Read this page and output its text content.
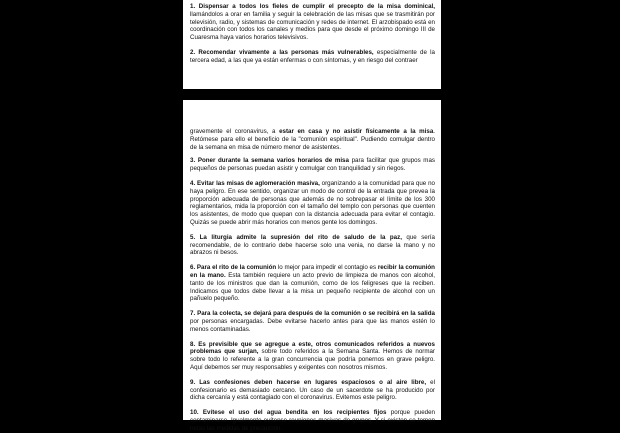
1. Dispensar a todos los fieles de cumplir el precepto de la misa dominical, llamándolos a orar en familia y seguir la celebración de las misas que se trasmitirán por televisión, radio, y sistemas de comunicación y redes de internet. El arzobispado está en coordinación con todos los canales y medios para que desde el próximo domingo III de Cuaresma haya varios horarios televisivos.

2. Recomendar vivamente a las personas más vulnerables, especialmente de la tercera edad, a las que ya están enfermas o con síntomas, y en riesgo del contraer

gravemente el coronavirus, a estar en casa y no asistir físicamente a la misa. Retómese para ello el beneficio de la "comunión espiritual". Pudiendo comulgar dentro de la semana en misa de número menor de asistentes.

3. Poner durante la semana varios horarios de misa para facilitar que grupos mas pequeños de personas puedan asistir y comulgar con tranquilidad y sin riegos.

4. Evitar las misas de aglomeración masiva, organizando a la comunidad para que no haya peligro. En ese sentido, organizar un modo de control de la entrada que prevea la proporción adecuada de personas que además de no sobrepasar el límite de los 300 reglamentarios, mida la proporción con el tamaño del templo con personas que cuenten los asistentes, de modo que quepan con la distancia adecuada para evitar el contagio. Quizás se puede abrir más horarios con menos gente los domingos.

5. La liturgia admite la supresión del rito de saludo de la paz, que sería recomendable, de lo contrario debe hacerse solo una venia, no darse la mano y no abrazos ni besos.

6. Para el rito de la comunión lo mejor para impedir el contagio es recibir la comunión en la mano. Esta también requiere un acto previo de limpieza de manos con alcohol, tanto de los ministros que dan la comunión, como de los feligreses que la reciben. Indicamos que todos debe llevar a la misa un pequeño recipiente de alcohol con un pañuelo pequeño.

7. Para la colecta, se dejará para después de la comunión o se recibirá en la salida por personas encargadas. Debe evitarse hacerlo antes para que las manos estén lo menos contaminadas.

8. Es previsible que se agregue a este, otros comunicados referidos a nuevos problemas que surjan, sobre todo referidos a la Semana Santa. Hemos de normar sobre todo lo referente a la gran concurrencia que podría ponernos en grave peligro. Aquí debemos ser muy responsables y exigentes con nosotros mismos.

9. Las confesiones deben hacerse en lugares espaciosos o al aire libre, el confesionario es demasiado cercano. Un caso de un sacerdote se ha producido por dicha cercanía y está contagiado con el coronavirus. Evitemos este peligro.

10. Evítese el uso del agua bendita en los recipientes fijos porque pueden contaminarse. Igualmente evítense reuniones masivas de grupos. Y si existen se tomen todas las medidas de precaución.
